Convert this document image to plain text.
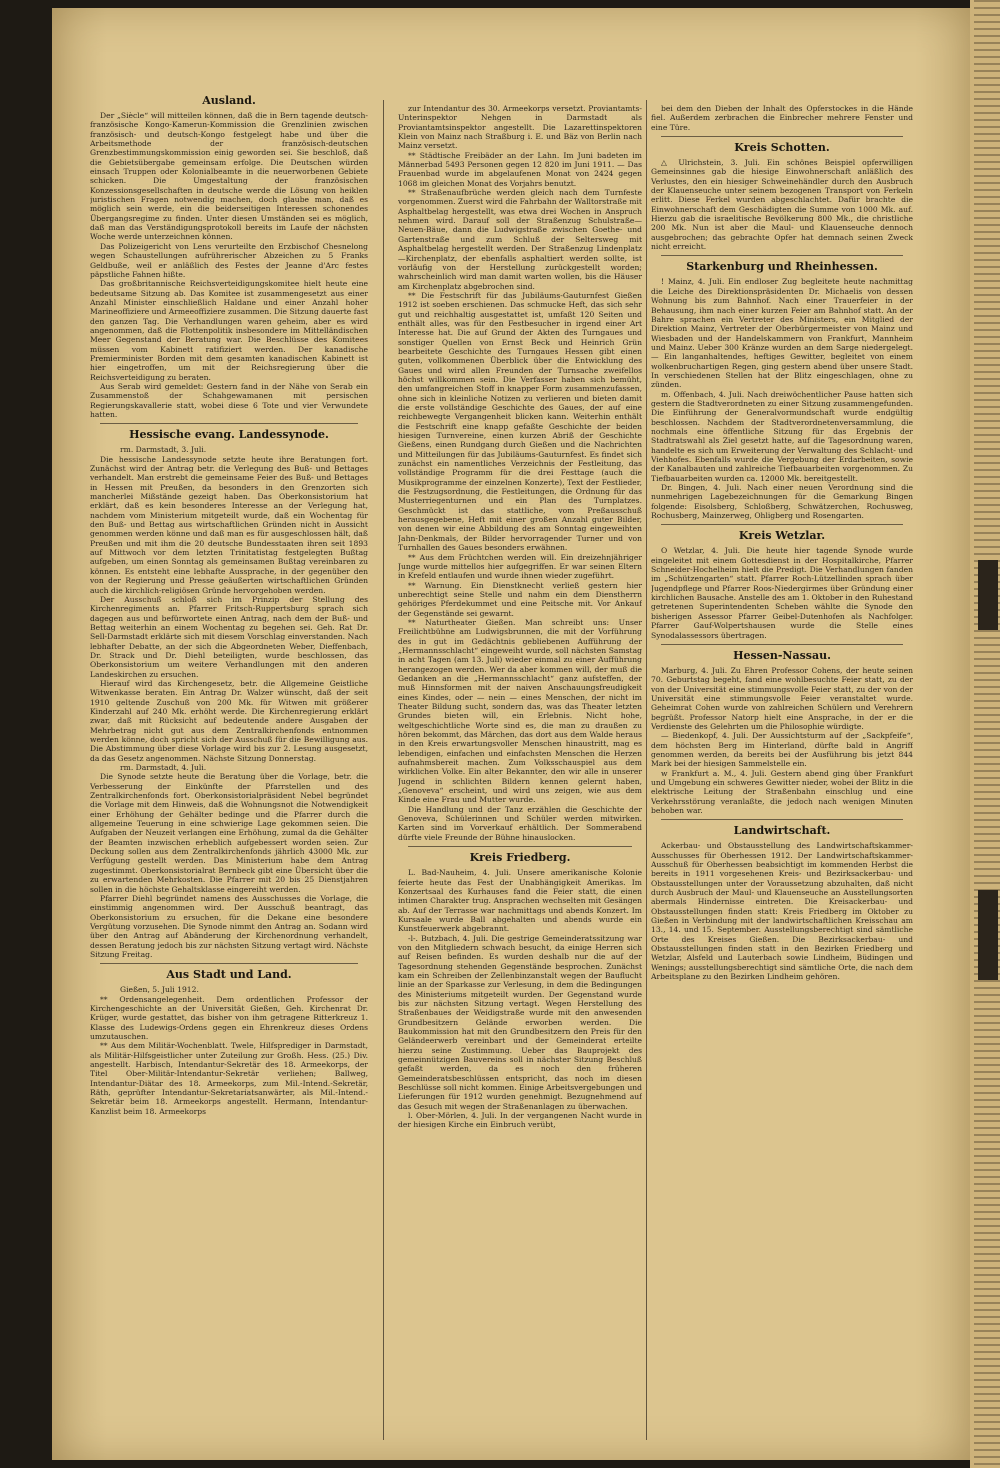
Ausland.

Der „Siècle“ will mitteilen können, daß die in Bern tagende deutsch-französische Kongo-Kamerun-Kommission die Grenzlinien zwischen französisch- und deutsch-Kongo festgelegt habe und über die Arbeitsmethode der französisch-deutschen Grenzbestimmungskommission einig geworden sei. Sie beschloß, daß die Gebietsübergabe gemeinsam erfolge. Die Deutschen würden einsach Truppen oder Kolonialbeamte in die neuerworbenen Gebiete schicken. Die Umgestaltung der französischen Konzessionsgesellschaften in deutsche werde die Lösung von heiklen juristischen Fragen notwendig machen, doch glaube man, daß es möglich sein werde, ein die beiderseitigen Interessen schonendes Übergangsregime zu finden. Unter diesen Umständen sei es möglich, daß man das Verständigungsprotokoll bereits im Laufe der nächsten Woche werde unterzeichnen können.

Das Polizeigericht von Lens verurteilte den Erzbischof Chesnelong wegen Schaustellungen aufrührerischer Abzeichen zu 5 Franks Geldbuße, weil er anläßlich des Festes der Jeanne d'Arc festes päpstliche Fahnen hißte.

Das großbritannische Reichsverteidigungskomitee hielt heute eine bedeutsame Sitzung ab. Das Komitee ist zusammengesetzt aus einer Anzahl Minister einschließlich Haldane und einer Anzahl hoher Marineoffiziere und Armeeoffiziere zusammen. Die Sitzung dauerte fast den ganzen Tag. Die Verhandlungen waren geheim, aber es wird angenommen, daß die Flottenpolitik insbesondere im Mittelländischen Meer Gegenstand der Beratung war. Die Beschlüsse des Komitees müssen vom Kabinett ratifiziert werden. Der kanadische Premierminister Borden mit dem gesamten kanadischen Kabinett ist hier eingetroffen, um mit der Reichsregierung über die Reichsverteidigung zu beraten.

Aus Serab wird gemeldet: Gestern fand in der Nähe von Serab ein Zusammenstoß der Schahgewamanen mit persischen Regierungskavallerie statt, wobei diese 6 Tote und vier Verwundete hatten.

Hessische evang. Landessynode.

rm. Darmstadt, 3. Juli.

Die hessische Landessynode setzte heute ihre Beratungen fort. Zunächst wird der Antrag betr. die Verlegung des Buß- und Bettages verhandelt. Man erstrebt die gemeinsame Feier des Buß- und Bettages in Hessen mit Preußen, da besonders in den Grenzorten sich mancherlei Mißstände gezeigt haben. Das Oberkonsistorium hat erklärt, daß es kein besonderes Interesse an der Verlegung hat, nachdem vom Ministerium mitgeteilt wurde, daß ein Wochentag für den Buß- und Bettag aus wirtschaftlichen Gründen nicht in Aussicht genommen werden könne und daß man es für ausgeschlossen hält, daß Preußen und mit ihm die 20 deutsche Bundesstaaten ihren seit 1893 auf Mittwoch vor dem letzten Trinitatistag festgelegten Bußtag aufgeben, um einen Sonntag als gemeinsamen Bußtag vereinbaren zu können. Es entsteht eine lebhafte Aussprache, in der gegenüber den von der Regierung und Presse geäußerten wirtschaftlichen Gründen auch die kirchlich-religiösen Gründe hervorgehoben werden.

Der Ausschuß schloß sich im Prinzip der Stellung des Kirchenregiments an. Pfarrer Fritsch-Ruppertsburg sprach sich dagegen aus und befürwortete einen Antrag, nach dem der Buß- und Bettag weiterhin an einem Wochentag zu begehen sei. Geh. Rat Dr. Sell-Darmstadt erklärte sich mit diesem Vorschlag einverstanden. Nach lebhafter Debatte, an der sich die Abgeordneten Weber, Dieffenbach, Dr. Strack und Dr. Diehl beteiligten, wurde beschlossen, das Oberkonsistorium um weitere Verhandlungen mit den anderen Landeskirchen zu ersuchen.

Hierauf wird das Kirchengesetz, betr. die Allgemeine Geistliche Witwenkasse beraten. Ein Antrag Dr. Walzer wünscht, daß der seit 1910 geltende Zuschuß von 200 Mk. für Witwen mit größerer Kinderzahl auf 240 Mk. erhöht werde. Die Kirchenregierung erklärt zwar, daß mit Rücksicht auf bedeutende andere Ausgaben der Mehrbetrag nicht gut aus dem Zentralkirchenfonds entnommen werden könne, doch spricht sich der Ausschuß für die Bewilligung aus. Die Abstimmung über diese Vorlage wird bis zur 2. Lesung ausgesetzt, da das Gesetz angenommen. Nächste Sitzung Donnerstag.

rm. Darmstadt, 4. Juli.

Die Synode setzte heute die Beratung über die Vorlage, betr. die Verbesserung der Einkünfte der Pfarrstellen und des Zentralkirchenfonds fort. Oberkonsistorialpräsident Nebel begründet die Vorlage mit dem Hinweis, daß die Wohnungsnot die Notwendigkeit einer Erhöhung der Gehälter bedinge und die Pfarrer durch die allgemeine Teuerung in eine schwierige Lage gekommen seien. Die Aufgaben der Neuzeit verlangen eine Erhöhung, zumal da die Gehälter der Beamten inzwischen erheblich aufgebessert worden seien. Zur Deckung sollen aus dem Zentralkirchenfonds jährlich 43000 Mk. zur Verfügung gestellt werden. Das Ministerium habe dem Antrag zugestimmt. Oberkonsistorialrat Bernbeck gibt eine Übersicht über die zu erwartenden Mehrkosten. Die Pfarrer mit 20 bis 25 Dienstjahren sollen in die höchste Gehaltsklasse eingereiht werden.

Pfarrer Diehl begründet namens des Ausschusses die Vorlage, die einstimmig angenommen wird. Der Ausschuß beantragt, das Oberkonsistorium zu ersuchen, für die Dekane eine besondere Vergütung vorzusehen. Die Synode nimmt den Antrag an. Sodann wird über den Antrag auf Abänderung der Kirchenordnung verhandelt, dessen Beratung jedoch bis zur nächsten Sitzung vertagt wird. Nächste Sitzung Freitag.

Aus Stadt und Land.

Gießen, 5. Juli 1912.

** Ordensangelegenheit. Dem ordentlichen Professor der Kirchengeschichte an der Universität Gießen, Geh. Kirchenrat Dr. Krüger, wurde gestattet, das bisher von ihm getragene Ritterkreuz 1. Klasse des Ludewigs-Ordens gegen ein Ehrenkreuz dieses Ordens umzutauschen.

** Aus dem Militär-Wochenblatt. Twele, Hilfsprediger in Darmstadt, als Militär-Hilfsgeistlicher unter Zuteilung zur Großh. Hess. (25.) Div. angestellt. Harbisch, Intendantur-Sekretär des 18. Armeekorps, der Titel Ober-Militär-Intendantur-Sekretär verliehen; Ballweg, Intendantur-Diätar des 18. Armeekorps, zum Mil.-Intend.-Sekretär, Räth, geprüfter Intendantur-Sekretariatsanwärter, als Mil.-Intend.-Sekretär beim 18. Armeekorps angestellt. Hermann, Intendantur-Kanzlist beim 18. Armeekorps

zur Intendantur des 30. Armeekorps versetzt. Proviantamts-Unterinspektor Nehgen in Darmstadt als Proviantamtsinspektor angestellt. Die Lazarettinspektoren Klein von Mainz nach Straßburg i. E. und Bäz von Berlin nach Mainz versetzt.

** Städtische Freibäder an der Lahn. Im Juni badeten im Männerbad 5493 Personen gegen 12 820 im Juni 1911. — Das Frauenbad wurde im abgelaufenen Monat von 2424 gegen 1068 im gleichen Monat des Vorjahrs benutzt.

** Straßenaufbrüche werden gleich nach dem Turnfeste vorgenommen. Zuerst wird die Fahrbahn der Walltorstraße mit Asphaltbelag hergestellt, was etwa drei Wochen in Anspruch nehmen wird. Darauf soll der Straßenzug Schulstraße—Neuen-Bäue, dann die Ludwigstraße zwischen Goethe- und Gartenstraße und zum Schluß der Seltersweg mit Asphaltbelag hergestellt werden. Der Straßenzug Lindenplatz—Kirchenplatz, der ebenfalls asphaltiert werden sollte, ist vorläufig von der Herstellung zurückgestellt worden; wahrscheinlich wird man damit warten wollen, bis die Häuser am Kirchenplatz abgebrochen sind.

** Die Festschrift für das Jubiläums-Gauturnfest Gießen 1912 ist soeben erschienen. Das schmucke Heft, das sich sehr gut und reichhaltig ausgestattet ist, umfaßt 120 Seiten und enthält alles, was für den Festbesucher in irgend einer Art Interesse hat. Die auf Grund der Akten des Turngaues und sonstiger Quellen von Ernst Beck und Heinrich Grün bearbeitete Geschichte des Turngaues Hessen gibt einen guten, vollkommenen Überblick über die Entwicklung des Gaues und wird allen Freunden der Turnsache zweifellos höchst willkommen sein. Die Verfasser haben sich bemüht, den umfangreichen Stoff in knapper Form zusammenzufassen, ohne sich in kleinliche Notizen zu verlieren und bieten damit die erste vollständige Geschichte des Gaues, der auf eine reichbewegte Vergangenheit blicken kann. Weiterhin enthält die Festschrift eine knapp gefaßte Geschichte der beiden hiesigen Turnvereine, einen kurzen Abriß der Geschichte Gießens, einen Rundgang durch Gießen und die Nachrichten und Mitteilungen für das Jubiläums-Gauturnfest. Es findet sich zunächst ein namentliches Verzeichnis der Festleitung, das vollständige Programm für die drei Festtage (auch die Musikprogramme der einzelnen Konzerte), Text der Festlieder, die Festzugsordnung, die Festleitungen, die Ordnung für das Musterriegenturnen und ein Plan des Turnplatzes. Geschmückt ist das stattliche, vom Preßausschuß herausgegebene, Heft mit einer großen Anzahl guter Bilder, von denen wir eine Abbildung des am Sonntag eingeweihten Jahn-Denkmals, der Bilder hervorragender Turner und von Turnhallen des Gaues besonders erwähnen.

** Aus dem Früchtchen werden will. Ein dreizehnjähriger Junge wurde mittellos hier aufgegriffen. Er war seinen Eltern in Krefeld entlaufen und wurde ihnen wieder zugeführt.

** Warnung. Ein Dienstknecht verließ gestern hier unberechtigt seine Stelle und nahm ein dem Dienstherrn gehöriges Pferdekummet und eine Peitsche mit. Vor Ankauf der Gegenstände sei gewarnt.

** Naturtheater Gießen. Man schreibt uns: Unser Freilichtbühne am Ludwigsbrunnen, die mit der Vorführung des in gut im Gedächtnis gebliebenen Aufführung der „Hermannsschlacht“ eingeweiht wurde, soll nächsten Samstag in acht Tagen (am 13. Juli) wieder einmal zu einer Aufführung herangezogen werden. Wer da aber kommen will, der muß die Gedanken an die „Hermannsschlacht“ ganz aufsteffen, der muß Hinnsformen mit der naiven Anschauungsfreudigkeit eines Kindes, oder — nein — eines Menschen, der nicht im Theater Bildung sucht, sondern das, was das Theater letzten Grundes bieten will, ein Erlebnis. Nicht hohe, weltgeschichtliche Worte sind es, die man zu draußen zu hören bekommt, das Märchen, das dort aus dem Walde heraus in den Kreis erwartungsvoller Menschen hinaustritt, mag es lebendigen, einfachen und einfachsten Menschen die Herzen aufnahmsbereit machen. Zum Volksschauspiel aus dem wirklichen Volke. Ein alter Bekannter, den wir alle in unserer Jugend in schlichten Bildern kennen gelernt haben, „Genoveva“ erscheint, und wird uns zeigen, wie aus dem Kinde eine Frau und Mutter wurde.

Die Handlung und der Tanz erzählen die Geschichte der Genoveva, Schülerinnen und Schüler werden mitwirken. Karten sind im Vorverkauf erhältlich. Der Sommerabend dürfte viele Freunde der Bühne hinauslocken.

Kreis Friedberg.

L. Bad-Nauheim, 4. Juli. Unsere amerikanische Kolonie feierte heute das Fest der Unabhängigkeit Amerikas. Im Konzertsaal des Kurhauses fand die Feier statt, die einen intimen Charakter trug. Ansprachen wechselten mit Gesängen ab. Auf der Terrasse war nachmittags und abends Konzert. Im Kursaale wurde Ball abgehalten und abends wurde ein Kunstfeuerwerk abgebrannt.

-l-. Butzbach, 4. Juli. Die gestrige Gemeinderatssitzung war von den Mitgliedern schwach besucht, da einige Herren sich auf Reisen befinden. Es wurden deshalb nur die auf der Tagesordnung stehenden Gegenstände besprochen. Zunächst kam ein Schreiben der Zellenbinzanstalt wegen der Bauflucht linie an der Sparkasse zur Verlesung, in dem die Bedingungen des Ministeriums mitgeteilt wurden. Der Gegenstand wurde bis zur nächsten Sitzung vertagt. Wegen Herstellung des Straßenbaues der Weidigstraße wurde mit den anwesenden Grundbesitzern Gelände erworben werden. Die Baukommission hat mit den Grundbesitzern den Preis für den Geländeerwerb vereinbart und der Gemeinderat erteilte hierzu seine Zustimmung. Ueber das Bauprojekt des gemeinnützigen Bauvereins soll in nächster Sitzung Beschluß gefaßt werden, da es noch den früheren Gemeinderatsbeschlüssen entspricht, das noch im diesen Beschlüsse soll nicht kommen. Einige Arbeitsvergebungen und Lieferungen für 1912 wurden genehmigt. Bezugnehmend auf das Gesuch mit wegen der Straßenanlagen zu überwachen.

l. Ober-Mörlen, 4. Juli. In der vergangenen Nacht wurde in der hiesigen Kirche ein Einbruch verübt,

bei dem den Dieben der Inhalt des Opferstockes in die Hände fiel. Außerdem zerbrachen die Einbrecher mehrere Fenster und eine Türe.

Kreis Schotten.

△ Ulrichstein, 3. Juli. Ein schönes Beispiel opferwilligen Gemeinsinnes gab die hiesige Einwohnerschaft anläßlich des Verlustes, den ein hiesiger Schweinehändler durch den Ausbruch der Klauenseuche unter seinem bezogenen Transport von Ferkeln erlitt. Diese Ferkel wurden abgeschlachtet. Dafür brachte die Einwohnerschaft dem Geschädigten die Summe von 1000 Mk. auf. Hierzu gab die israelitische Bevölkerung 800 Mk., die christliche 200 Mk. Nun ist aber die Maul- und Klauenseuche dennoch ausgebrochen; das gebrachte Opfer hat demnach seinen Zweck nicht erreicht.

Starkenburg und Rheinhessen.

! Mainz, 4. Juli. Ein endloser Zug begleitete heute nachmittag die Leiche des Direktionspräsidenten Dr. Michaelis von dessen Wohnung bis zum Bahnhof. Nach einer Trauerfeier in der Behausung, ihm nach einer kurzen Feier am Bahnhof statt. An der Bahre sprachen ein Vertreter des Ministers, ein Mitglied der Direktion Mainz, Vertreter der Oberbürgermeister von Mainz und Wiesbaden und der Handelskammern von Frankfurt, Mannheim und Mainz. Ueber 300 Kränze wurden an dem Sarge niedergelegt. — Ein langanhaltendes, heftiges Gewitter, begleitet von einem wolkenbruchartigen Regen, ging gestern abend über unsere Stadt. In verschiedenen Stellen hat der Blitz eingeschlagen, ohne zu zünden.

m. Offenbach, 4. Juli. Nach dreiwöchentlicher Pause hatten sich gestern die Stadtverordneten zu einer Sitzung zusammengefunden. Die Einführung der Generalvormundschaft wurde endgültig beschlossen. Nachdem der Stadtverordnetenversammlung, die nochmals eine öffentliche Sitzung für das Ergebnis der Stadtratswahl als Ziel gesetzt hatte, auf die Tagesordnung waren, handelte es sich um Erweiterung der Verwaltung des Schlacht- und Viehhofes. Ebenfalls wurde die Vergebung der Erdarbeiten, sowie der Kanalbauten und zahlreiche Tiefbauarbeiten vorgenommen. Zu Tiefbauarbeiten wurden ca. 12000 Mk. bereitgestellt.

Dr. Bingen, 4. Juli. Nach einer neuen Verordnung sind die nunmehrigen Lagebezeichnungen für die Gemarkung Bingen folgende: Eisolsberg, Schloßberg, Schwätzerchen, Rochusweg, Rochusberg, Mainzerweg, Ohligberg und Rosengarten.

Kreis Wetzlar.

O Wetzlar, 4. Juli. Die heute hier tagende Synode wurde eingeleitet mit einem Gottesdienst in der Hospitalkirche, Pfarrer Schneider-Hochelheim hielt die Predigt. Die Verhandlungen fanden im „Schützengarten“ statt. Pfarrer Roch-Lützellinden sprach über Jugendpflege und Pfarrer Roos-Niedergirmes über Gründung einer kirchlichen Bausache. Anstelle des am 1. Oktober in den Ruhestand getretenen Superintendenten Scheben wählte die Synode den bisherigen Assessor Pfarrer Geibel-Dutenhofen als Nachfolger. Pfarrer Gauf-Wolpertshausen wurde die Stelle eines Synodalassessors übertragen.

Hessen-Nassau.

Marburg, 4. Juli. Zu Ehren Professor Cohens, der heute seinen 70. Geburtstag begeht, fand eine wohlbesuchte Feier statt, zu der von der Universität eine stimmungsvolle Feier statt, zu der von der Universität eine stimmungsvolle Feier veranstaltet wurde. Geheimrat Cohen wurde von zahlreichen Schülern und Verehrern begrüßt. Professor Natorp hielt eine Ansprache, in der er die Verdienste des Gelehrten um die Philosophie würdigte.

— Biedenkopf, 4. Juli. Der Aussichtsturm auf der „Sackpfeife“, dem höchsten Berg im Hinterland, dürfte bald in Angriff genommen werden, da bereits bei der Ausführung bis jetzt 844 Mark bei der hiesigen Sammelstelle ein.

w Frankfurt a. M., 4. Juli. Gestern abend ging über Frankfurt und Umgebung ein schweres Gewitter nieder, wobei der Blitz in die elektrische Leitung der Straßenbahn einschlug und eine Verkehrsstörung veranlaßte, die jedoch nach wenigen Minuten behoben war.

Landwirtschaft.

Ackerbau- und Obstausstellung des Landwirtschaftskammer-Ausschusses für Oberhessen 1912. Der Landwirtschaftskammer-Ausschuß für Oberhessen beabsichtigt im kommenden Herbst die bereits in 1911 vorgesehenen Kreis- und Bezirksackerbau- und Obstausstellungen unter der Voraussetzung abzuhalten, daß nicht durch Ausbruch der Maul- und Klauenseuche an Ausstellungsorten abermals Hindernisse eintreten. Die Kreisackerbau- und Obstausstellungen finden statt: Kreis Friedberg im Oktober zu Gießen in Verbindung mit der landwirtschaftlichen Kreisschau am 13., 14. und 15. September. Ausstellungsberechtigt sind sämtliche Orte des Kreises Gießen. Die Bezirksackerbau- und Obstausstellungen finden statt in den Bezirken Friedberg und Wetzlar, Alsfeld und Lauterbach sowie Lindheim, Büdingen und Wenings; ausstellungsberechtigt sind sämtliche Orte, die nach dem Arbeitsplane zu den Bezirken Lindheim gehören.
